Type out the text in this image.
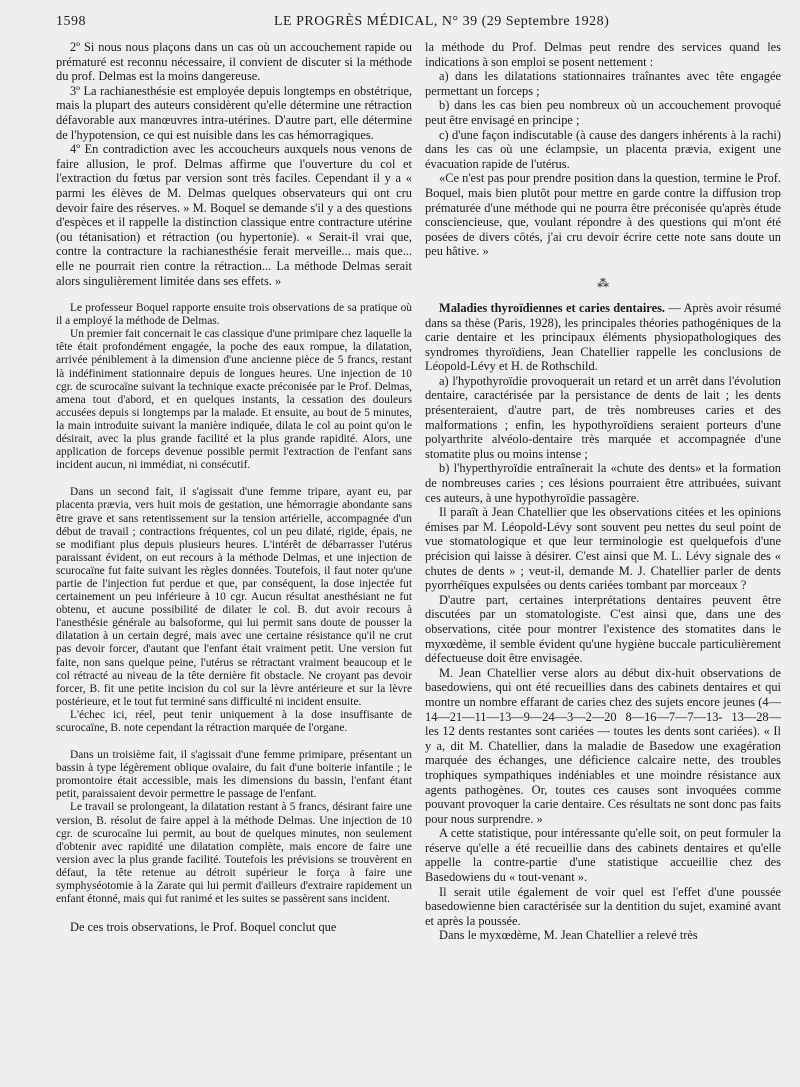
1598	LE PROGRÈS MÉDICAL, N° 39 (29 Septembre 1928)

2º Si nous nous plaçons dans un cas où un accouchement rapide ou prématuré est reconnu nécessaire, il convient de discuter si la méthode du prof. Delmas est la moins dangereuse.

3º La rachianesthésie est employée depuis longtemps en obstétrique, mais la plupart des auteurs considèrent qu'elle détermine une rétraction défavorable aux manœuvres intra-utérines. D'autre part, elle détermine de l'hypotension, ce qui est nuisible dans les cas hémorragiques.

4º En contradiction avec les accoucheurs auxquels nous venons de faire allusion, le prof. Delmas affirme que l'ouverture du col et l'extraction du fœtus par version sont très faciles. Cependant il y a « parmi les élèves de M. Delmas quelques observateurs qui ont cru devoir faire des réserves. » M. Boquel se demande s'il y a des questions d'espèces et il rappelle la distinction classique entre contracture utérine (ou tétanisation) et rétraction (ou hypertonie). « Serait-il vrai que, contre la contracture la rachianesthésie ferait merveille... mais que... elle ne pourrait rien contre la rétraction... La méthode Delmas serait alors singulièrement limitée dans ses effets. »

Le professeur Boquel rapporte ensuite trois observations de sa pratique où il a employé la méthode de Delmas.

Un premier fait concernait le cas classique d'une primipare chez laquelle la tête était profondément engagée, la poche des eaux rompue, la dilatation, arrivée péniblement à la dimension d'une ancienne pièce de 5 francs, restant là indéfiniment stationnaire depuis de longues heures. Une injection de 10 cgr. de scurocaïne suivant la technique exacte préconisée par le Prof. Delmas, amena tout d'abord, et en quelques instants, la cessation des douleurs accusées depuis si longtemps par la malade. Et ensuite, au bout de 5 minutes, la main introduite suivant la manière indiquée, dilata le col au point qu'on le désirait, avec la plus grande facilité et la plus grande rapidité. Alors, une application de forceps devenue possible permit l'extraction de l'enfant sans incident aucun, ni immédiat, ni consécutif.

Dans un second fait, il s'agissait d'une femme tripare, ayant eu, par placenta prævia, vers huit mois de gestation, une hémorragie abondante sans être grave et sans retentissement sur la tension artérielle, accompagnée d'un début de travail ; contractions fréquentes, col un peu dilaté, rigide, épais, ne se modifiant plus depuis plusieurs heures. L'intérêt de débarrasser l'utérus paraissant évident, on eut recours à la méthode Delmas, et une injection de scurocaïne fut faite suivant les règles données. Toutefois, il faut noter qu'une partie de l'injection fut perdue et que, par conséquent, la dose injectée fut certainement un peu inférieure à 10 cgr. Aucun résultat anesthésiant ne fut obtenu, et aucune possibilité de dilater le col. B. dut avoir recours à l'anesthésie générale au balsoforme, qui lui permit sans doute de pousser la dilatation à un certain degré, mais avec une certaine résistance qu'il ne crut pas devoir forcer, d'autant que l'enfant était vraiment petit. Une version fut faite, non sans quelque peine, l'utérus se rétractant vraiment beaucoup et le col rétracté au niveau de la tête dernière fit obstacle. Ne croyant pas devoir forcer, B. fit une petite incision du col sur la lèvre antérieure et sur la lèvre postérieure, et le tout fut terminé sans difficulté ni incident ensuite.

L'échec ici, réel, peut tenir uniquement à la dose insuffisante de scurocaïne, B. note cependant la rétraction marquée de l'organe.

Dans un troisième fait, il s'agissait d'une femme primipare, présentant un bassin à type légèrement oblique ovalaire, du fait d'une boiterie infantile ; le promontoire était accessible, mais les dimensions du bassin, l'enfant étant petit, paraissaient devoir permettre le passage de l'enfant.

Le travail se prolongeant, la dilatation restant à 5 francs, désirant faire une version, B. résolut de faire appel à la méthode Delmas. Une injection de 10 cgr. de scurocaïne lui permit, au bout de quelques minutes, non seulement d'obtenir avec rapidité une dilatation complète, mais encore de faire une version avec la plus grande facilité. Toutefois les prévisions se trouvèrent en défaut, la tête retenue au détroit supérieur le força à faire une symphyséotomie à la Zarate qui lui permit d'ailleurs d'extraire rapidement un enfant étonné, mais qui fut ranimé et les suites se passèrent sans incident.

De ces trois observations, le Prof. Boquel conclut que

la méthode du Prof. Delmas peut rendre des services quand les indications à son emploi se posent nettement :

a) dans les dilatations stationnaires traînantes avec tête engagée permettant un forceps ;

b) dans les cas bien peu nombreux où un accouchement provoqué peut être envisagé en principe ;

c) d'une façon indiscutable (à cause des dangers inhérents à la rachi) dans les cas où une éclampsie, un placenta prævia, exigent une évacuation rapide de l'utérus.

«Ce n'est pas pour prendre position dans la question, termine le Prof. Boquel, mais bien plutôt pour mettre en garde contre la diffusion trop prématurée d'une méthode qui ne pourra être préconisée qu'après étude consciencieuse, que, voulant répondre à des questions qui m'ont été posées de divers côtés, j'ai cru devoir écrire cette note sans doute un peu hâtive. »

⁂

Maladies thyroïdiennes et caries dentaires. — Après avoir résumé dans sa thèse (Paris, 1928), les principales théories pathogéniques de la carie dentaire et les principaux éléments physiopathologiques des syndromes thyroïdiens, Jean Chatellier rappelle les conclusions de Léopold-Lévy et H. de Rothschild.

a) l'hypothyroïdie provoquerait un retard et un arrêt dans l'évolution dentaire, caractérisée par la persistance de dents de lait ; les dents présenteraient, d'autre part, de très nombreuses caries et des malformations ; enfin, les hypothyroïdiens seraient porteurs d'une polyarthrite alvéolo-dentaire très marquée et accompagnée d'une stomatite plus ou moins intense ;

b) l'hyperthyroïdie entraînerait la «chute des dents» et la formation de nombreuses caries ; ces lésions pourraient être attribuées, suivant ces auteurs, à une hypothyroïdie passagère.

Il paraît à Jean Chatellier que les observations citées et les opinions émises par M. Léopold-Lévy sont souvent peu nettes du seul point de vue stomatologique et que leur terminologie est quelquefois d'une précision qui laisse à désirer. C'est ainsi que M. L. Lévy signale des « chutes de dents » ; veut-il, demande M. J. Chatellier parler de dents pyorrhéïques expulsées ou dents cariées tombant par morceaux ?

D'autre part, certaines interprétations dentaires peuvent être discutées par un stomatologiste. C'est ainsi que, dans une des observations, citée pour montrer l'existence des stomatites dans le myxœdème, il semble évident qu'une hygiène buccale particulièrement défectueuse doit être envisagée.

M. Jean Chatellier verse alors au début dix-huit observations de basedowiens, qui ont été recueillies dans des cabinets dentaires et qui montre un nombre effarant de caries chez des sujets encore jeunes (4—14—21—11—13—9—24—3—2—20 8—16—7—7—13- 13—28— les 12 dents restantes sont cariées — toutes les dents sont cariées). « Il y a, dit M. Chatellier, dans la maladie de Basedow une exagération marquée des échanges, une déficience calcaire nette, des troubles trophiques sympathiques indéniables et une moindre résistance aux agents pathogènes. Or, toutes ces causes sont invoquées comme pouvant provoquer la carie dentaire. Ces résultats ne sont donc pas faits pour nous surprendre. »

A cette statistique, pour intéressante qu'elle soit, on peut formuler la réserve qu'elle a été recueillie dans des cabinets dentaires et qu'elle appelle la contre-partie d'une statistique accueillie chez des Basedowiens du « tout-venant ».

Il serait utile également de voir quel est l'effet d'une poussée basedowienne bien caractérisée sur la dentition du sujet, examiné avant et après la poussée.

Dans le myxœdème, M. Jean Chatellier a relevé très
